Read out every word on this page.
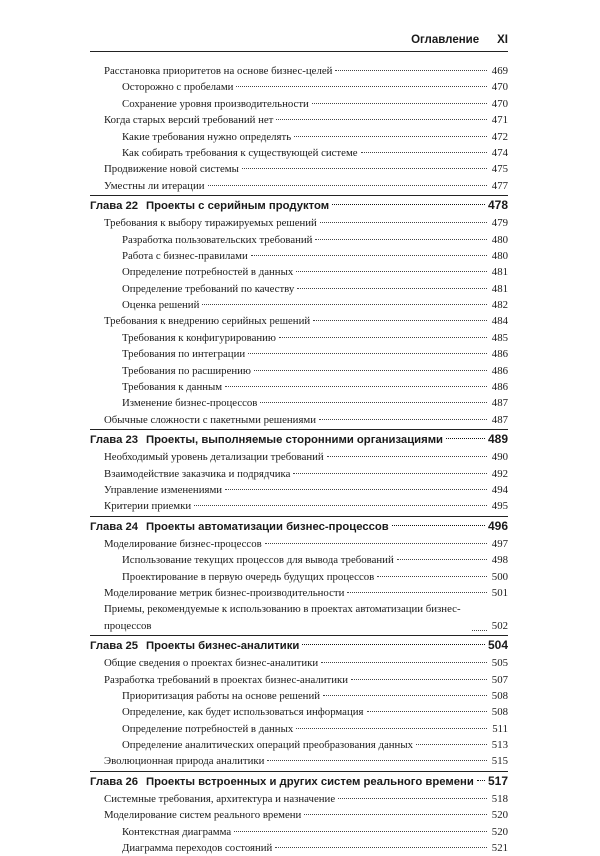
Оглавление XI
Расстановка приоритетов на основе бизнес-целей	469
Осторожно с пробелами	470
Сохранение уровня производительности	470
Когда старых версий требований нет	471
Какие требования нужно определять	472
Как собирать требования к существующей системе	474
Продвижение новой системы	475
Уместны ли итерации	477
Глава 22 Проекты с серийным продуктом	478
Требования к выбору тиражируемых решений	479
Разработка пользовательских требований	480
Работа с бизнес-правилами	480
Определение потребностей в данных	481
Определение требований по качеству	481
Оценка решений	482
Требования к внедрению серийных решений	484
Требования к конфигурированию	485
Требования по интеграции	486
Требования по расширению	486
Требования к данным	486
Изменение бизнес-процессов	487
Обычные сложности с пакетными решениями	487
Глава 23 Проекты, выполняемые сторонними организациями	489
Необходимый уровень детализации требований	490
Взаимодействие заказчика и подрядчика	492
Управление изменениями	494
Критерии приемки	495
Глава 24 Проекты автоматизации бизнес-процессов	496
Моделирование бизнес-процессов	497
Использование текущих процессов для вывода требований	498
Проектирование в первую очередь будущих процессов	500
Моделирование метрик бизнес-производительности	501
Приемы, рекомендуемые к использованию в проектах автоматизации бизнес-процессов	502
Глава 25 Проекты бизнес-аналитики	504
Общие сведения о проектах бизнес-аналитики	505
Разработка требований в проектах бизнес-аналитики	507
Приоритизация работы на основе решений	508
Определение, как будет использоваться информация	508
Определение потребностей в данных	511
Определение аналитических операций преобразования данных	513
Эволюционная природа аналитики	515
Глава 26 Проекты встроенных и других систем реального времени 517
Системные требования, архитектура и назначение	518
Моделирование систем реального времени	520
Контекстная диаграмма	520
Диаграмма переходов состояний	521
